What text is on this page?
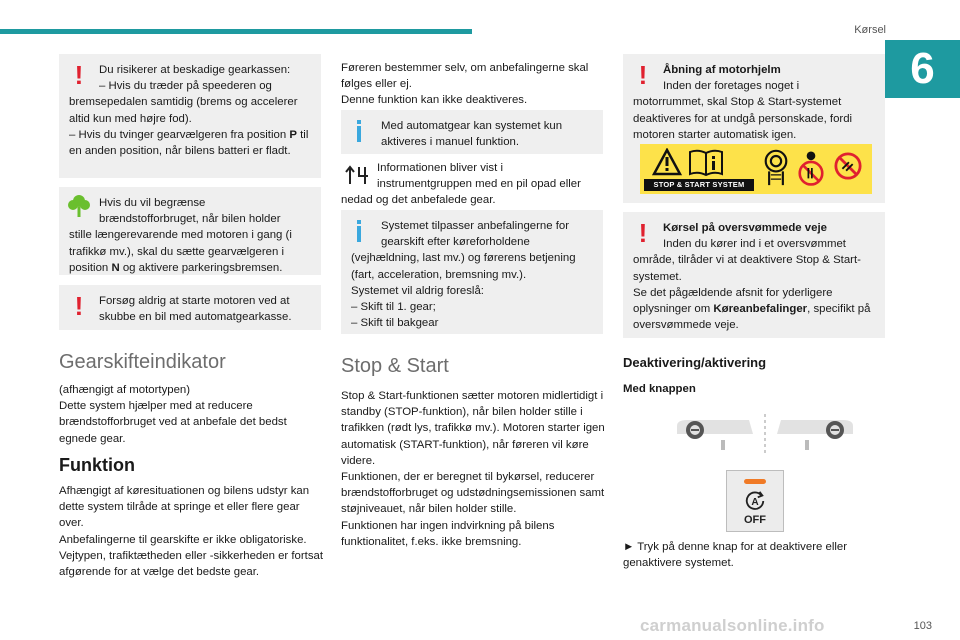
Kørsel
6
!	Du risikerer at beskadige gearkassen:
– Hvis du træder på speederen og
bremsepedalen samtidig (brems og accelerer altid kun med højre fod).
– Hvis du tvinger gearvælgeren fra position P til en anden position, når bilens batteri er fladt.
Hvis du vil begrænse
brændstofforbruget, når bilen holder
stille længerevarende med motoren i gang (i trafikkø mv.), skal du sætte gearvælgeren i position N og aktivere parkeringsbremsen.
!	Forsøg aldrig at starte motoren ved at
skubbe en bil med automatgearkasse.
Gearskifteindikator
(afhængigt af motortypen)
Dette system hjælper med at reducere brændstofforbruget ved at anbefale det bedst egnede gear.
Funktion
Afhængigt af køresituationen og bilens udstyr kan dette system tilråde at springe et eller flere gear over.
Anbefalingerne til gearskifte er ikke obligatoriske. Vejtypen, trafiktætheden eller -sikkerheden er fortsat afgørende for at vælge det bedste gear.
Føreren bestemmer selv, om anbefalingerne skal følges eller ej.
Denne funktion kan ikke deaktiveres.
Med automatgear kan systemet kun
aktiveres i manuel funktion.
Informationen bliver vist i
instrumentgruppen med en pil opad eller
nedad og det anbefalede gear.
Systemet tilpasser anbefalingerne for
gearskift efter køreforholdene
(vejhældning, last mv.) og førerens betjening (fart, acceleration, bremsning mv.).
Systemet vil aldrig foreslå:
– Skift til 1. gear;
– Skift til bakgear
Stop & Start
Stop & Start-funktionen sætter motoren midlertidigt i standby (STOP-funktion), når bilen holder stille i trafikken (rødt lys, trafikkø mv.). Motoren starter igen automatisk (START-funktion), når føreren vil køre videre.
Funktionen, der er beregnet til bykørsel, reducerer brændstofforbruget og udstødningsemissionen samt støjniveauet, når bilen holder stille.
Funktionen har ingen indvirkning på bilens funktionalitet, f.eks. ikke bremsning.
!	Åbning af motorhjelm
Inden der foretages noget i
motorrummet, skal Stop & Start-systemet deaktiveres for at undgå personskade, fordi motoren starter automatisk igen.
STOP & START SYSTEM
!	Kørsel på oversvømmede veje
Inden du kører ind i et oversvømmet
område, tilråder vi at deaktivere Stop & Start-systemet.
Se det pågældende afsnit for yderligere oplysninger om Køreanbefalinger, specifikt på oversvømmede veje.
Deaktivering/aktivering
Med knappen
A
OFF
► Tryk på denne knap for at deaktivere eller genaktivere systemet.
carmanualsonline.info	103
